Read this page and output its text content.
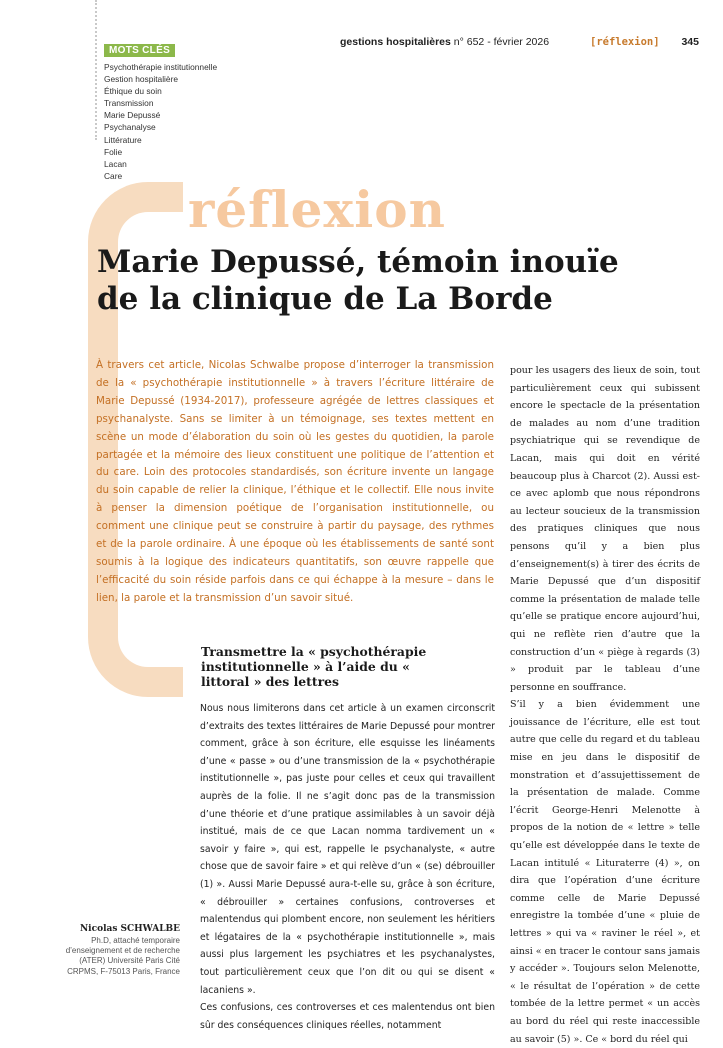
MOTS CLÉS
Psychothérapie institutionnelle
Gestion hospitalière
Éthique du soin
Transmission
Marie Depussé
Psychanalyse
Littérature
Folie
Lacan
Care
gestions hospitalières n° 652 - février 2026	[réflexion] 345
réflexion
Marie Depussé, témoin inouïe
de la clinique de La Borde

À travers cet article, Nicolas Schwalbe propose d’interroger la transmission de la « psychothérapie institutionnelle » à travers l’écriture littéraire de Marie Depussé (1934-2017), professeure agrégée de lettres classiques et psychanalyste. Sans se limiter à un témoignage, ses textes mettent en scène un mode d’élaboration du soin où les gestes du quotidien, la parole partagée et la mémoire des lieux constituent une politique de l’attention et du care. Loin des protocoles standardisés, son écriture invente un langage du soin capable de relier la clinique, l’éthique et le collectif. Elle nous invite à penser la dimension poétique de l’organisation institutionnelle, ou comment une clinique peut se construire à partir du paysage, des rythmes et de la parole ordinaire. À une époque où les établissements de santé sont soumis à la logique des indicateurs quantitatifs, son œuvre rappelle que l’efficacité du soin réside parfois dans ce qui échappe à la mesure – dans le lien, la parole et la transmission d’un savoir situé.

pour les usagers des lieux de soin, tout particulièrement ceux qui subissent encore le spectacle de la présentation de malades au nom d’une tradition psychiatrique qui se revendique de Lacan, mais qui doit en vérité beaucoup plus à Charcot (2). Aussi est-ce avec aplomb que nous répondrons au lecteur soucieux de la transmission des pratiques cliniques que nous pensons qu’il y a bien plus d’enseignement(s) à tirer des écrits de Marie Depussé que d’un dispositif comme la présentation de malade telle qu’elle se pratique encore aujourd’hui, qui ne reflète rien d’autre que la construction d’un « piège à regards (3) » produit par le tableau d’une personne en souffrance.

S’il y a bien évidemment une jouissance de l’écriture, elle est tout autre que celle du regard et du tableau mise en jeu dans le dispositif de monstration et d’assujettissement de la présentation de malade. Comme l’écrit George-Henri Melenotte à propos de la notion de « lettre » telle qu’elle est développée dans le texte de Lacan intitulé « Lituraterre (4) », on dira que l’opération d’une écriture comme celle de Marie Depussé enregistre la tombée d’une « pluie de lettres » qui va « raviner le réel », et ainsi « en tracer le contour sans jamais y accéder ». Toujours selon Melenotte, « le résultat de l’opération » de cette tombée de la lettre permet « un accès au bord du réel qui reste inaccessible au savoir (5) ». Ce « bord du réel qui

Transmettre la « psychothérapie institutionnelle » à l’aide du « littoral » des lettres

Nous nous limiterons dans cet article à un examen circonscrit d’extraits des textes littéraires de Marie Depussé pour montrer comment, grâce à son écriture, elle esquisse les linéaments d’une « passe » ou d’une transmission de la « psychothérapie institutionnelle », pas juste pour celles et ceux qui travaillent auprès de la folie. Il ne s’agit donc pas de la transmission d’une théorie et d’une pratique assimilables à un savoir déjà institué, mais de ce que Lacan nomma tardivement un « savoir y faire », qui est, rappelle le psychanalyste, « autre chose que de savoir faire » et qui relève d’un « (se) débrouiller (1) ». Aussi Marie Depussé aura-t-elle su, grâce à son écriture, « débrouiller » certaines confusions, controverses et malentendus qui plombent encore, non seulement les héritiers et légataires de la « psychothérapie institutionnelle », mais aussi plus largement les psychiatres et les psychanalystes, tout particulièrement ceux que l’on dit ou qui se disent « lacaniens ».

Ces confusions, ces controverses et ces malentendus ont bien sûr des conséquences cliniques réelles, notamment

Nicolas SCHWALBE
Ph.D, attaché temporaire
d’enseignement et de recherche
(ATER) Université Paris Cité
CRPMS, F-75013 Paris, France
